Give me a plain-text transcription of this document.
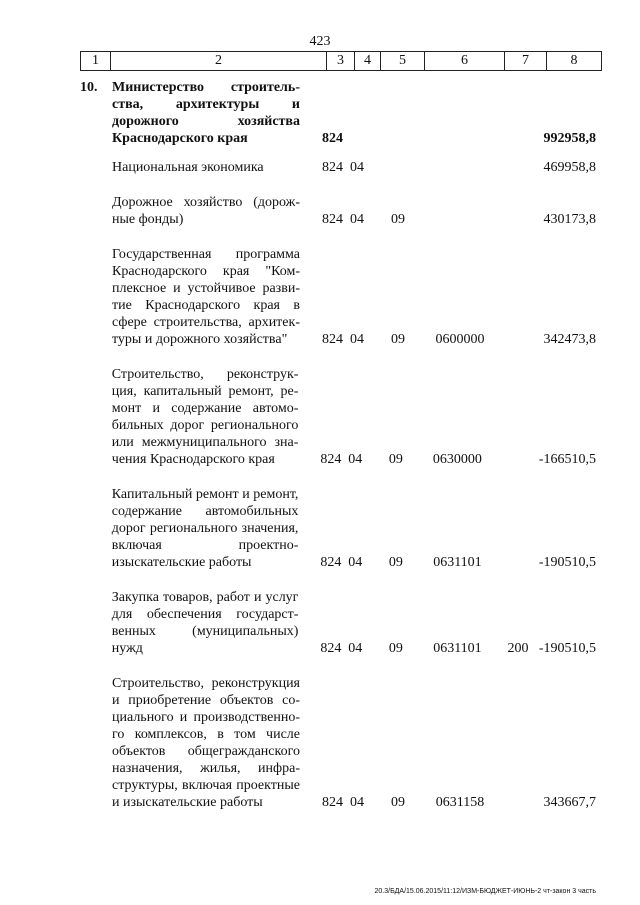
423
1	2	3	4	5	6	7	8
10.	Министерство строительства, архитектуры и дорожного хозяйства Краснодарского края	824	992958,8
Национальная экономика	824 04	469958,8
Дорожное хозяйство (дорожные фонды)	824 04	09	430173,8
Государственная программа Краснодарского края "Комплексное и устойчивое развитие Краснодарского края в сфере строительства, архитектуры и дорожного хозяйства"	824 04	09	0600000	342473,8
Строительство, реконструкция, капитальный ремонт, ремонт и содержание автомобильных дорог регионального или межмуниципального значения Краснодарского края	824 04	09	0630000	-166510,5
Капитальный ремонт и ремонт, содержание автомобильных дорог регионального значения, включая проектно-изыскательские работы	824 04	09	0631101	-190510,5
Закупка товаров, работ и услуг для обеспечения государственных (муниципальных) нужд	824 04	09	0631101	200 -190510,5
Строительство, реконструкция и приобретение объектов социального и производственного комплексов, в том числе объектов общегражданского назначения, жилья, инфраструктуры, включая проектные и изыскательские работы	824 04	09	0631158	343667,7
20.3/БДА/15.06.2015/11:12/ИЗМ-БЮДЖЕТ-ИЮНЬ-2 чт-закон 3 часть
